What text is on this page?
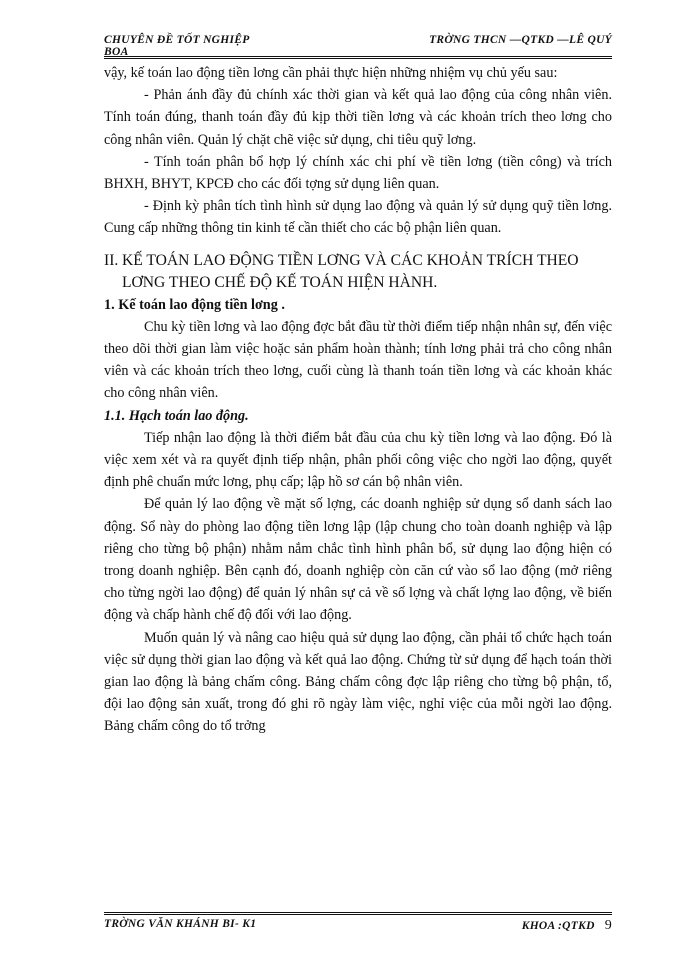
CHUYÊN ĐỀ TỐT NGHIỆP
BOA
TRỜNG THCN —QTKD —LÊ QUÝ

vậy, kế toán lao động tiền lơng cần phải thực hiện những nhiệm vụ chủ yếu sau:

- Phản ánh đầy đủ chính xác thời gian và kết quả lao động của công nhân viên. Tính toán đúng, thanh toán đầy đủ kịp thời tiền lơng và các khoản trích theo lơng cho công nhân viên. Quản lý chặt chẽ việc sử dụng, chi tiêu quỹ lơng.

- Tính toán phân bổ hợp lý chính xác chi phí về tiền lơng (tiền công) và trích BHXH, BHYT, KPCĐ cho các đối tợng sử dụng liên quan.

- Định kỳ phân tích tình hình sử dụng lao động và quản lý sử dụng quỹ tiền lơng. Cung cấp những thông tin kinh tế cần thiết cho các bộ phận liên quan.

II. KẾ TOÁN LAO ĐỘNG TIỀN LƠNG VÀ CÁC KHOẢN TRÍCH THEO
LƠNG THEO CHẾ ĐỘ KẾ TOÁN HIỆN HÀNH.

1. Kế toán lao động tiền lơng .

Chu kỳ tiền lơng và lao động đợc bắt đầu từ thời điểm tiếp nhận nhân sự, đến việc theo dõi thời gian làm việc hoặc sản phẩm hoàn thành; tính lơng phải trả cho công nhân viên và các khoản trích theo lơng, cuối cùng là thanh toán tiền lơng và các khoản khác cho công nhân viên.

1.1. Hạch toán lao động.

Tiếp nhận lao động là thời điểm bắt đầu của chu kỳ tiền lơng và lao động. Đó là việc xem xét và ra quyết định tiếp nhận, phân phối công việc cho ngời lao động, quyết định phê chuẩn mức lơng, phụ cấp; lập hồ sơ cán bộ nhân viên.

Để quản lý lao động về mặt số lợng, các doanh nghiệp sử dụng sổ danh sách lao động. Sổ này do phòng lao động tiền lơng lập (lập chung cho toàn doanh nghiệp và lập riêng cho từng bộ phận) nhằm nắm chắc tình hình phân bổ, sử dụng lao động hiện có trong doanh nghiệp. Bên cạnh đó, doanh nghiệp còn căn cứ vào sổ lao động (mở riêng cho từng ngời lao động) để quản lý nhân sự cả về số lợng và chất lợng lao động, về biến động và chấp hành chế độ đối với lao động.

Muốn quản lý và nâng cao hiệu quả sử dụng lao động, cần phải tổ chức hạch toán việc sử dụng thời gian lao động và kết quả lao động. Chứng từ sử dụng để hạch toán thời gian lao động là bảng chấm công. Bảng chấm công đợc lập riêng cho từng bộ phận, tổ, đội lao động sản xuất, trong đó ghi rõ ngày làm việc, nghỉ việc của mỗi ngời lao động. Bảng chấm công do tổ trởng

TRỜNG VĂN KHÁNH BI- K1	KHOA :QTKD 9
